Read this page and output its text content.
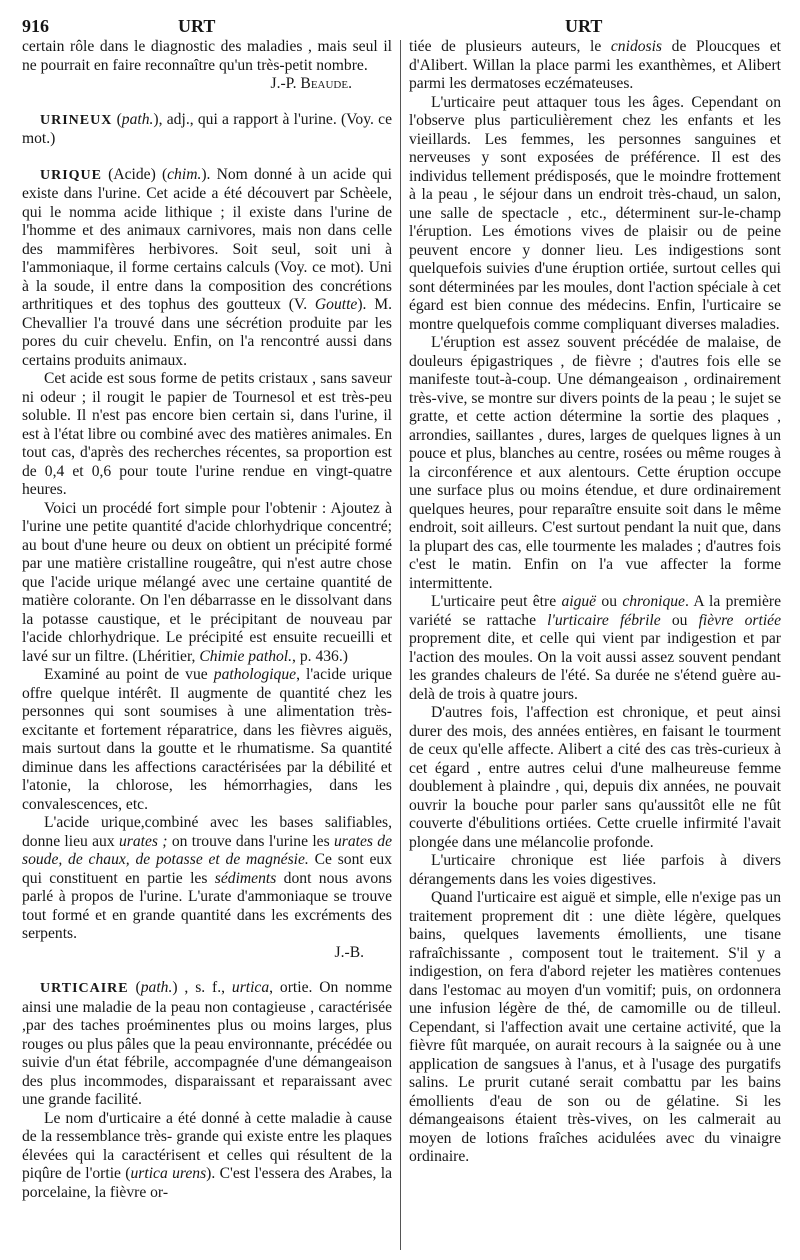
916	URT	URT

certain rôle dans le diagnostic des maladies , mais seul il ne pourrait en faire reconnaître qu'un très-petit nombre.

J.-P. Beaude.

URINEUX (path.), adj., qui a rapport à l'urine. (Voy. ce mot.)

URIQUE (Acide) (chim.). Nom donné à un acide qui existe dans l'urine. Cet acide a été découvert par Schèele, qui le nomma acide lithique ; il existe dans l'urine de l'homme et des animaux carnivores, mais non dans celle des mammifères herbivores. Soit seul, soit uni à l'ammoniaque, il forme certains calculs (Voy. ce mot). Uni à la soude, il entre dans la composition des concrétions arthritiques et des tophus des goutteux (V. Goutte). M. Chevallier l'a trouvé dans une sécrétion produite par les pores du cuir chevelu. Enfin, on l'a rencontré aussi dans certains produits animaux.

Cet acide est sous forme de petits cristaux , sans saveur ni odeur ; il rougit le papier de Tournesol et est très-peu soluble. Il n'est pas encore bien certain si, dans l'urine, il est à l'état libre ou combiné avec des matières animales. En tout cas, d'après des recherches récentes, sa proportion est de 0,4 et 0,6 pour toute l'urine rendue en vingt-quatre heures.

Voici un procédé fort simple pour l'obtenir : Ajoutez à l'urine une petite quantité d'acide chlorhydrique concentré; au bout d'une heure ou deux on obtient un précipité formé par une matière cristalline rougeâtre, qui n'est autre chose que l'acide urique mélangé avec une certaine quantité de matière colorante. On l'en débarrasse en le dissolvant dans la potasse caustique, et le précipitant de nouveau par l'acide chlorhydrique. Le précipité est ensuite recueilli et lavé sur un filtre. (Lhéritier, Chimie pathol., p. 436.)

Examiné au point de vue pathologique, l'acide urique offre quelque intérêt. Il augmente de quantité chez les personnes qui sont soumises à une alimentation très-excitante et fortement réparatrice, dans les fièvres aiguës, mais surtout dans la goutte et le rhumatisme. Sa quantité diminue dans les affections caractérisées par la débilité et l'atonie, la chlorose, les hémorrhagies, dans les convalescences, etc.

L'acide urique,combiné avec les bases salifiables, donne lieu aux urates ; on trouve dans l'urine les urates de soude, de chaux, de potasse et de magnésie. Ce sont eux qui constituent en partie les sédiments dont nous avons parlé à propos de l'urine. L'urate d'ammoniaque se trouve tout formé et en grande quantité dans les excréments des serpents.

J.-B.

URTICAIRE (path.) , s. f., urtica, ortie. On nomme ainsi une maladie de la peau non contagieuse , caractérisée ,par des taches proéminentes plus ou moins larges, plus rouges ou plus pâles que la peau environnante, précédée ou suivie d'un état fébrile, accompagnée d'une démangeaison des plus incommodes, disparaissant et reparaissant avec une grande facilité.

Le nom d'urticaire a été donné à cette maladie à cause de la ressemblance très- grande qui existe entre les plaques élevées qui la caractérisent et celles qui résultent de la piqûre de l'ortie (urtica urens). C'est l'essera des Arabes, la porcelaine, la fièvre or-

tiée de plusieurs auteurs, le cnidosis de Ploucques et d'Alibert. Willan la place parmi les exanthèmes, et Alibert parmi les dermatoses eczémateuses.

L'urticaire peut attaquer tous les âges. Cependant on l'observe plus particulièrement chez les enfants et les vieillards. Les femmes, les personnes sanguines et nerveuses y sont exposées de préférence. Il est des individus tellement prédisposés, que le moindre frottement à la peau , le séjour dans un endroit très-chaud, un salon, une salle de spectacle , etc., déterminent sur-le-champ l'éruption. Les émotions vives de plaisir ou de peine peuvent encore y donner lieu. Les indigestions sont quelquefois suivies d'une éruption ortiée, surtout celles qui sont déterminées par les moules, dont l'action spéciale à cet égard est bien connue des médecins. Enfin, l'urticaire se montre quelquefois comme compliquant diverses maladies.

L'éruption est assez souvent précédée de malaise, de douleurs épigastriques , de fièvre ; d'autres fois elle se manifeste tout-à-coup. Une démangeaison , ordinairement très-vive, se montre sur divers points de la peau ; le sujet se gratte, et cette action détermine la sortie des plaques , arrondies, saillantes , dures, larges de quelques lignes à un pouce et plus, blanches au centre, rosées ou même rouges à la circonférence et aux alentours. Cette éruption occupe une surface plus ou moins étendue, et dure ordinairement quelques heures, pour reparaître ensuite soit dans le même endroit, soit ailleurs. C'est surtout pendant la nuit que, dans la plupart des cas, elle tourmente les malades ; d'autres fois c'est le matin. Enfin on l'a vue affecter la forme intermittente.

L'urticaire peut être aiguë ou chronique. A la première variété se rattache l'urticaire fébrile ou fièvre ortiée proprement dite, et celle qui vient par indigestion et par l'action des moules. On la voit aussi assez souvent pendant les grandes chaleurs de l'été. Sa durée ne s'étend guère au-delà de trois à quatre jours.

D'autres fois, l'affection est chronique, et peut ainsi durer des mois, des années entières, en faisant le tourment de ceux qu'elle affecte. Alibert a cité des cas très-curieux à cet égard , entre autres celui d'une malheureuse femme doublement à plaindre , qui, depuis dix années, ne pouvait ouvrir la bouche pour parler sans qu'aussitôt elle ne fût couverte d'ébulitions ortiées. Cette cruelle infirmité l'avait plongée dans une mélancolie profonde.

L'urticaire chronique est liée parfois à divers dérangements dans les voies digestives.

Quand l'urticaire est aiguë et simple, elle n'exige pas un traitement proprement dit : une diète légère, quelques bains, quelques lavements émollients, une tisane rafraîchissante , composent tout le traitement. S'il y a indigestion, on fera d'abord rejeter les matières contenues dans l'estomac au moyen d'un vomitif; puis, on ordonnera une infusion légère de thé, de camomille ou de tilleul. Cependant, si l'affection avait une certaine activité, que la fièvre fût marquée, on aurait recours à la saignée ou à une application de sangsues à l'anus, et à l'usage des purgatifs salins. Le prurit cutané serait combattu par les bains émollients d'eau de son ou de gélatine. Si les démangeaisons étaient très-vives, on les calmerait au moyen de lotions fraîches acidulées avec du vinaigre ordinaire.
